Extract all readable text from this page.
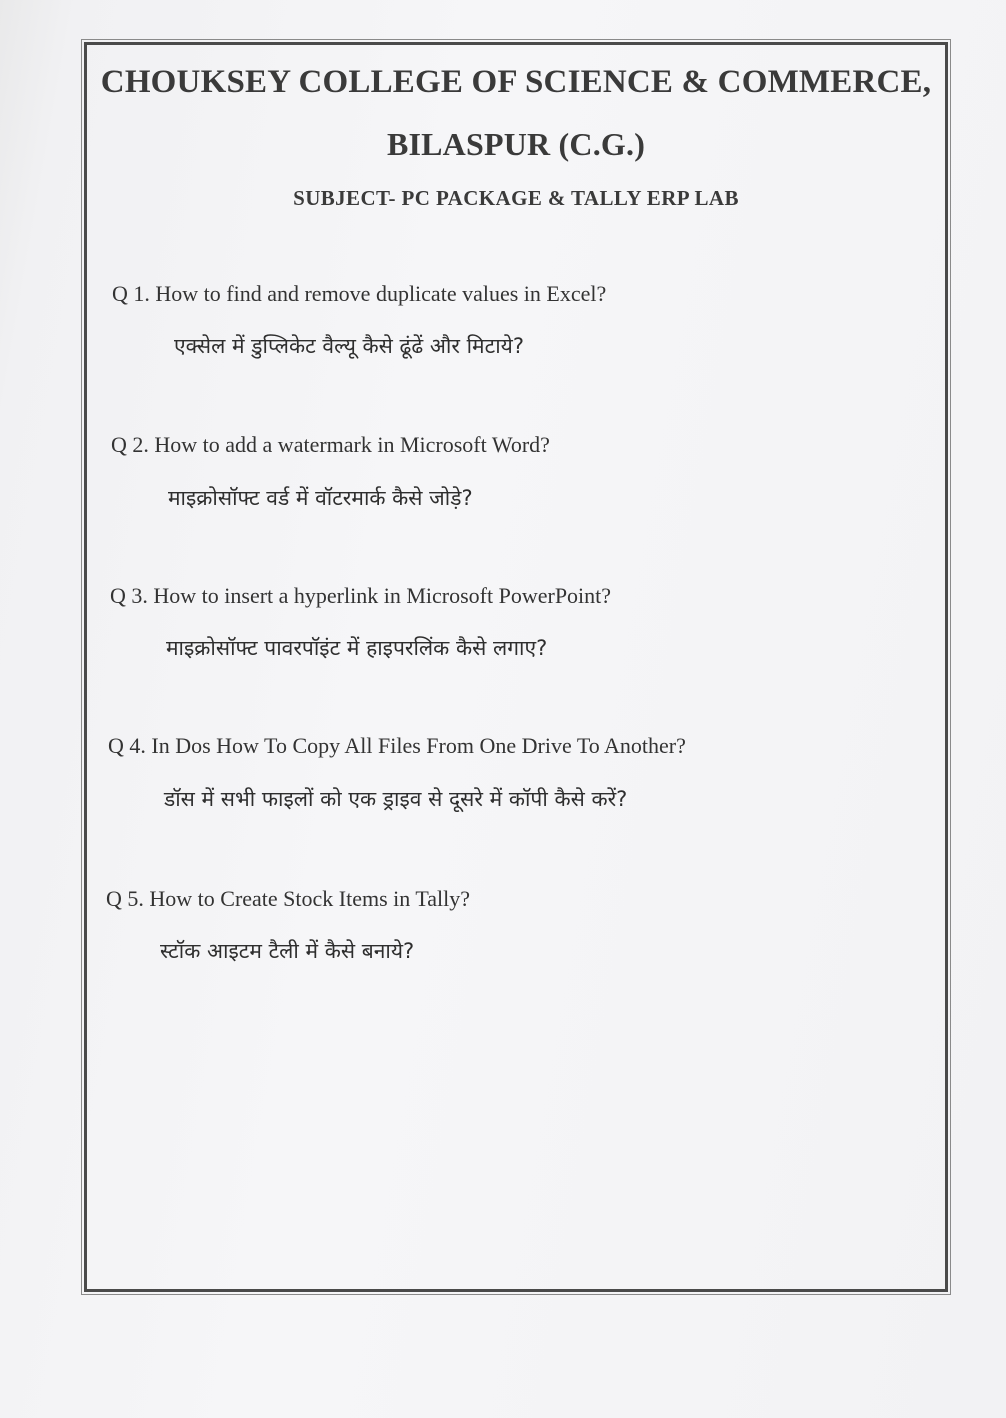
CHOUKSEY COLLEGE OF SCIENCE & COMMERCE,
BILASPUR (C.G.)
SUBJECT- PC PACKAGE & TALLY ERP LAB
Q 1. How to find and remove duplicate values in Excel?
एक्सेल में डुप्लिकेट वैल्यू कैसे ढूंढें और मिटाये?
Q 2. How to add a watermark in Microsoft Word?
माइक्रोसॉफ्ट वर्ड में वॉटरमार्क कैसे जोड़े?
Q 3. How to insert a hyperlink in Microsoft PowerPoint?
माइक्रोसॉफ्ट पावरपॉइंट में हाइपरलिंक कैसे लगाए?
Q 4. In Dos How To Copy All Files From One Drive To Another?
डॉस में सभी फाइलों को एक ड्राइव से दूसरे में कॉपी कैसे करें?
Q 5. How to Create Stock Items in Tally?
स्टॉक आइटम टैली में कैसे बनाये?
